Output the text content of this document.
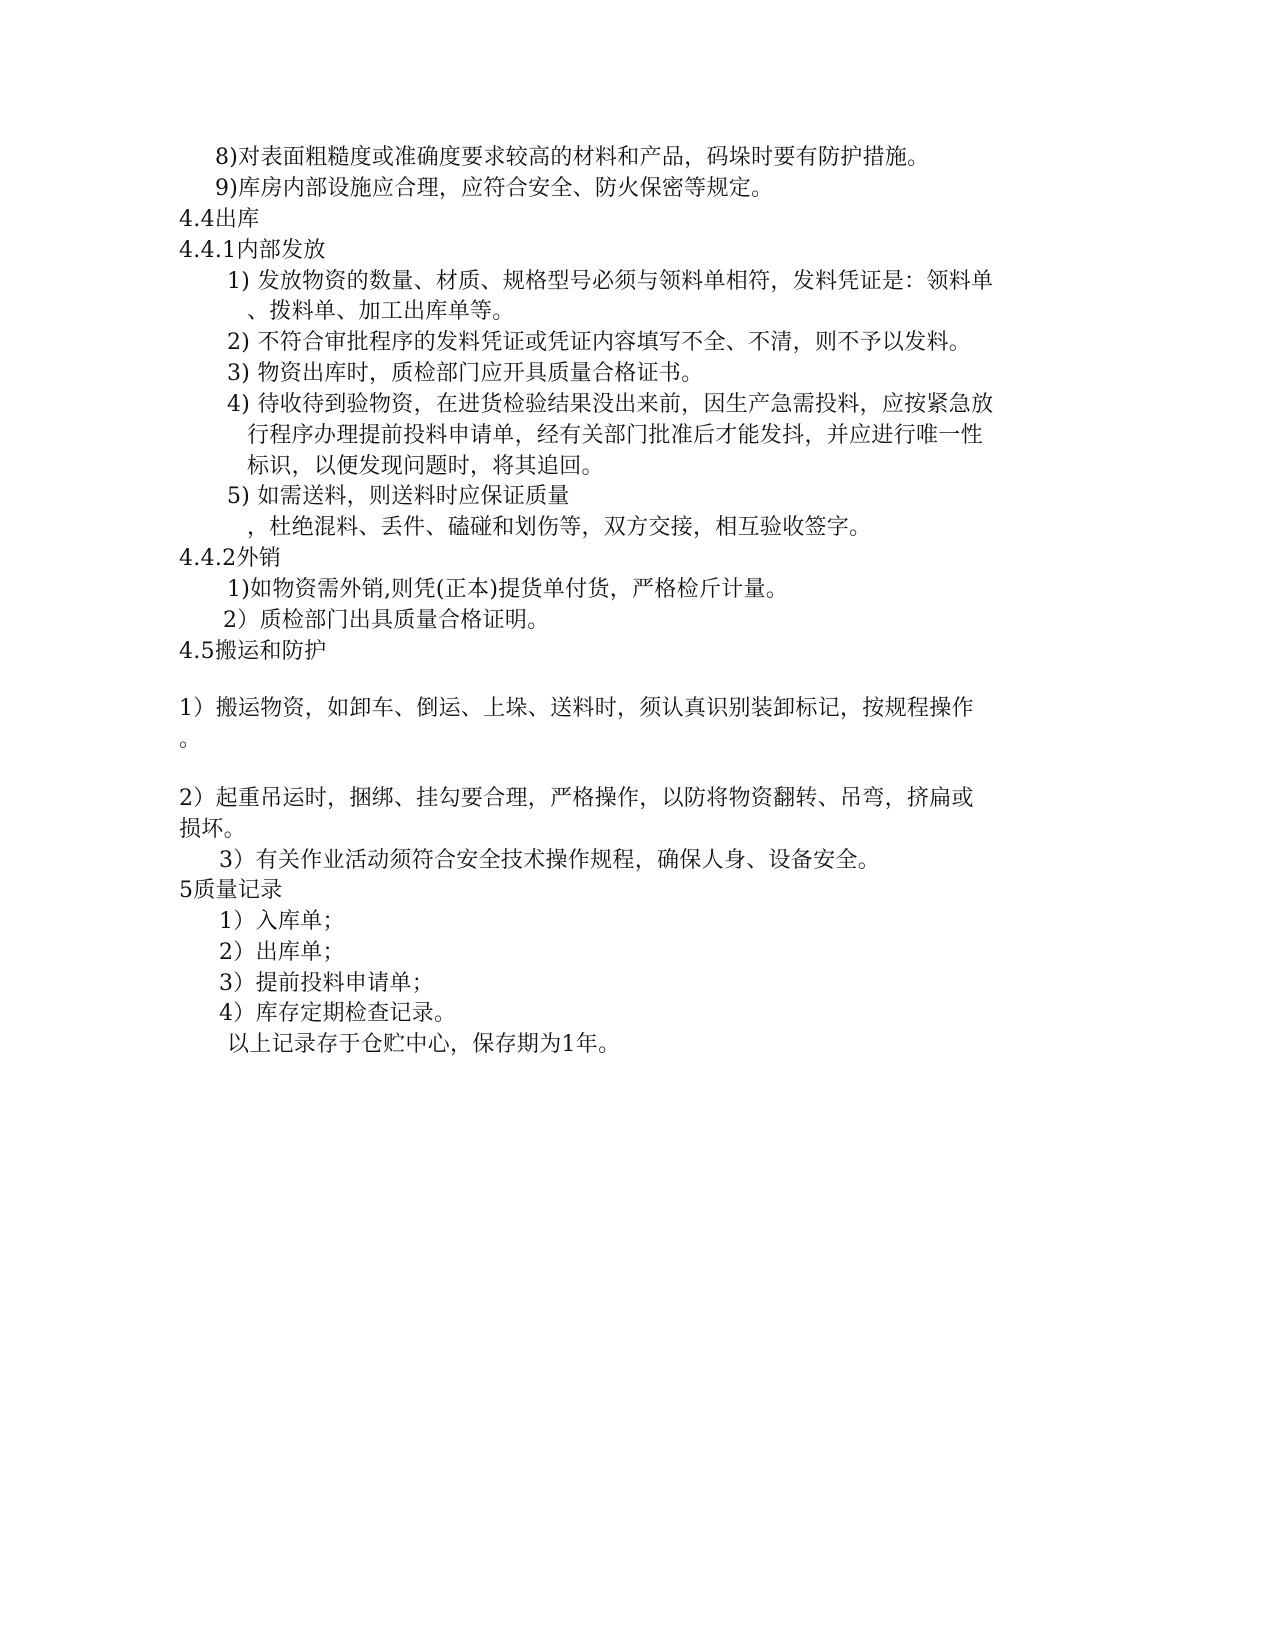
8)对表面粗糙度或准确度要求较高的材料和产品，码垛时要有防护措施。
9)库房内部设施应合理，应符合安全、防火保密等规定。
4.4出库
4.4.1内部发放
1) 发放物资的数量、材质、规格型号必须与领料单相符，发料凭证是：领料单
、拨料单、加工出库单等。
2) 不符合审批程序的发料凭证或凭证内容填写不全、不清，则不予以发料。
3) 物资出库时，质检部门应开具质量合格证书。
4) 待收待到验物资，在进货检验结果没出来前，因生产急需投料，应按紧急放
行程序办理提前投料申请单，经有关部门批准后才能发抖，并应进行唯一性
标识，以便发现问题时，将其追回。
5) 如需送料，则送料时应保证质量
，杜绝混料、丢件、磕碰和划伤等，双方交接，相互验收签字。
4.4.2外销
1)如物资需外销,则凭(正本)提货单付货，严格检斤计量。
2）质检部门出具质量合格证明。
4.5搬运和防护
1）搬运物资，如卸车、倒运、上垛、送料时，须认真识别装卸标记，按规程操作
。
2）起重吊运时，捆绑、挂勾要合理，严格操作，以防将物资翻转、吊弯，挤扁或
损坏。
3）有关作业活动须符合安全技术操作规程，确保人身、设备安全。
5质量记录
1）入库单；
2）出库单；
3）提前投料申请单；
4）库存定期检查记录。
以上记录存于仓贮中心，保存期为1年。
